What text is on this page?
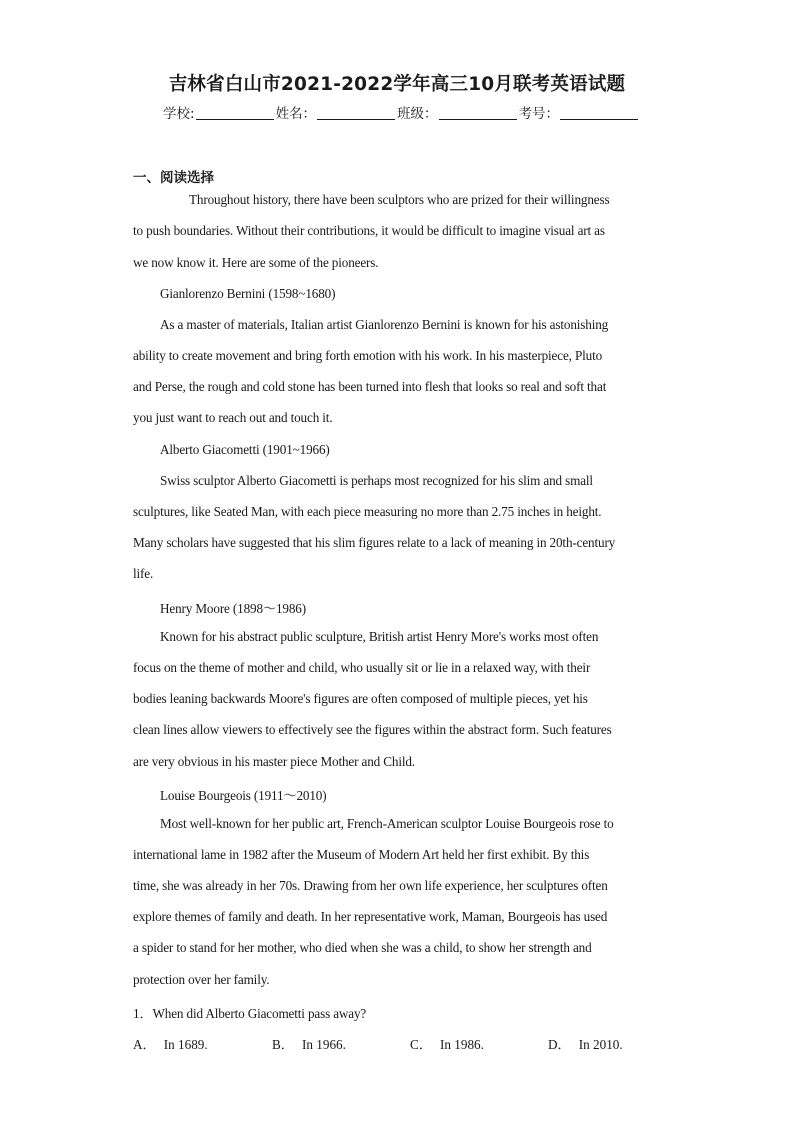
吉林省白山市2021-2022学年高三10月联考英语试题
学校:	姓名：	班级：	考号：
一、阅读选择
Throughout history, there have been sculptors who are prized for their willingness
to push boundaries. Without their contributions, it would be difficult to imagine visual art as
we now know it. Here are some of the pioneers.
Gianlorenzo Bernini (1598~1680)
As a master of materials, Italian artist Gianlorenzo Bernini is known for his astonishing
ability to create movement and bring forth emotion with his work. In his masterpiece, Pluto
and Perse, the rough and cold stone has been turned into flesh that looks so real and soft that
you just want to reach out and touch it.
Alberto Giacometti (1901~1966)
Swiss sculptor Alberto Giacometti is perhaps most recognized for his slim and small
sculptures, like Seated Man, with each piece measuring no more than 2.75 inches in height.
Many scholars have suggested that his slim figures relate to a lack of meaning in 20th-century
life.
Henry Moore (1898～1986)
Known for his abstract public sculpture, British artist Henry More's works most often
focus on the theme of mother and child, who usually sit or lie in a relaxed way, with their
bodies leaning backwards Moore's figures are often composed of multiple pieces, yet his
clean lines allow viewers to effectively see the figures within the abstract form. Such features
are very obvious in his master piece Mother and Child.
Louise Bourgeois (1911～2010)
Most well-known for her public art, French-American sculptor Louise Bourgeois rose to
international lame in 1982 after the Museum of Modern Art held her first exhibit. By this
time, she was already in her 70s. Drawing from her own life experience, her sculptures often
explore themes of family and death. In her representative work, Maman, Bourgeois has used
a spider to stand for her mother, who died when she was a child, to show her strength and
protection over her family.
1．When did Alberto Giacometti pass away?
A． In 1689.	B． In 1966.	C． In 1986.	D． In 2010.
